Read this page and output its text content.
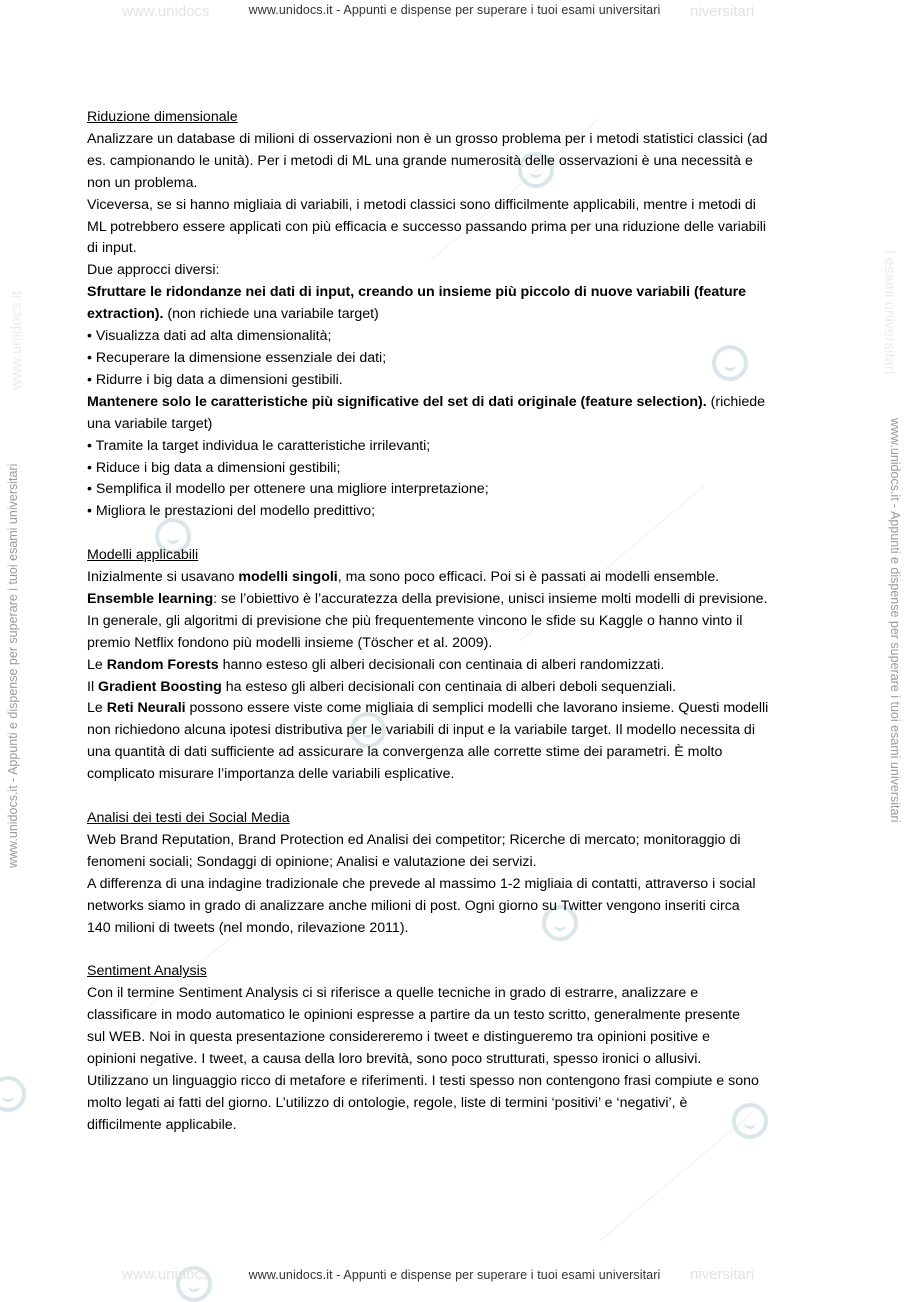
www.unidocs	niversitari
www.unidocs.it - Appunti e dispense per superare i tuoi esami universitari
www.unidocs	niversitari
www.unidocs.it - Appunti e dispense per superare i tuoi esami universitari
www.unidocs.it	i esami universitari
www.unidocs.it - Appunti e dispense per superare i tuoi esami universitari	www.unidocs.it - Appunti e dispense per superare i tuoi esami universitari
Riduzione dimensionale
Analizzare un database di milioni di osservazioni non è un grosso problema per i metodi statistici classici (ad
es. campionando le unità). Per i metodi di ML una grande numerosità delle osservazioni è una necessità e
non un problema.
Viceversa, se si hanno migliaia di variabili, i metodi classici sono difficilmente applicabili, mentre i metodi di
ML potrebbero essere applicati con più efficacia e successo passando prima per una riduzione delle variabili
di input.
Due approcci diversi:
Sfruttare le ridondanze nei dati di input, creando un insieme più piccolo di nuove variabili (feature
extraction). (non richiede una variabile target)
• Visualizza dati ad alta dimensionalità;
• Recuperare la dimensione essenziale dei dati;
• Ridurre i big data a dimensioni gestibili.
Mantenere solo le caratteristiche più significative del set di dati originale (feature selection). (richiede
una variabile target)
• Tramite la target individua le caratteristiche irrilevanti;
• Riduce i big data a dimensioni gestibili;
• Semplifica il modello per ottenere una migliore interpretazione;
• Migliora le prestazioni del modello predittivo;
Modelli applicabili
Inizialmente si usavano modelli singoli, ma sono poco efficaci. Poi si è passati ai modelli ensemble.
Ensemble learning: se l’obiettivo è l’accuratezza della previsione, unisci insieme molti modelli di previsione.
In generale, gli algoritmi di previsione che più frequentemente vincono le sfide su Kaggle o hanno vinto il
premio Netflix fondono più modelli insieme (Töscher et al. 2009).
Le Random Forests hanno esteso gli alberi decisionali con centinaia di alberi randomizzati.
Il Gradient Boosting ha esteso gli alberi decisionali con centinaia di alberi deboli sequenziali.
Le Reti Neurali possono essere viste come migliaia di semplici modelli che lavorano insieme. Questi modelli
non richiedono alcuna ipotesi distributiva per le variabili di input e la variabile target. Il modello necessita di
una quantità di dati sufficiente ad assicurare la convergenza alle corrette stime dei parametri. È molto
complicato misurare l’importanza delle variabili esplicative.
Analisi dei testi dei Social Media
Web Brand Reputation, Brand Protection ed Analisi dei competitor; Ricerche di mercato; monitoraggio di
fenomeni sociali; Sondaggi di opinione; Analisi e valutazione dei servizi.
A differenza di una indagine tradizionale che prevede al massimo 1-2 migliaia di contatti, attraverso i social
networks siamo in grado di analizzare anche milioni di post. Ogni giorno su Twitter vengono inseriti circa
140 milioni di tweets (nel mondo, rilevazione 2011).
Sentiment Analysis
Con il termine Sentiment Analysis ci si riferisce a quelle tecniche in grado di estrarre, analizzare e
classificare in modo automatico le opinioni espresse a partire da un testo scritto, generalmente presente
sul WEB. Noi in questa presentazione considereremo i tweet e distingueremo tra opinioni positive e
opinioni negative. I tweet, a causa della loro brevità, sono poco strutturati, spesso ironici o allusivi.
Utilizzano un linguaggio ricco di metafore e riferimenti. I testi spesso non contengono frasi compiute e sono
molto legati ai fatti del giorno. L’utilizzo di ontologie, regole, liste di termini ‘positivi’ e ‘negativi’, è
difficilmente applicabile.
